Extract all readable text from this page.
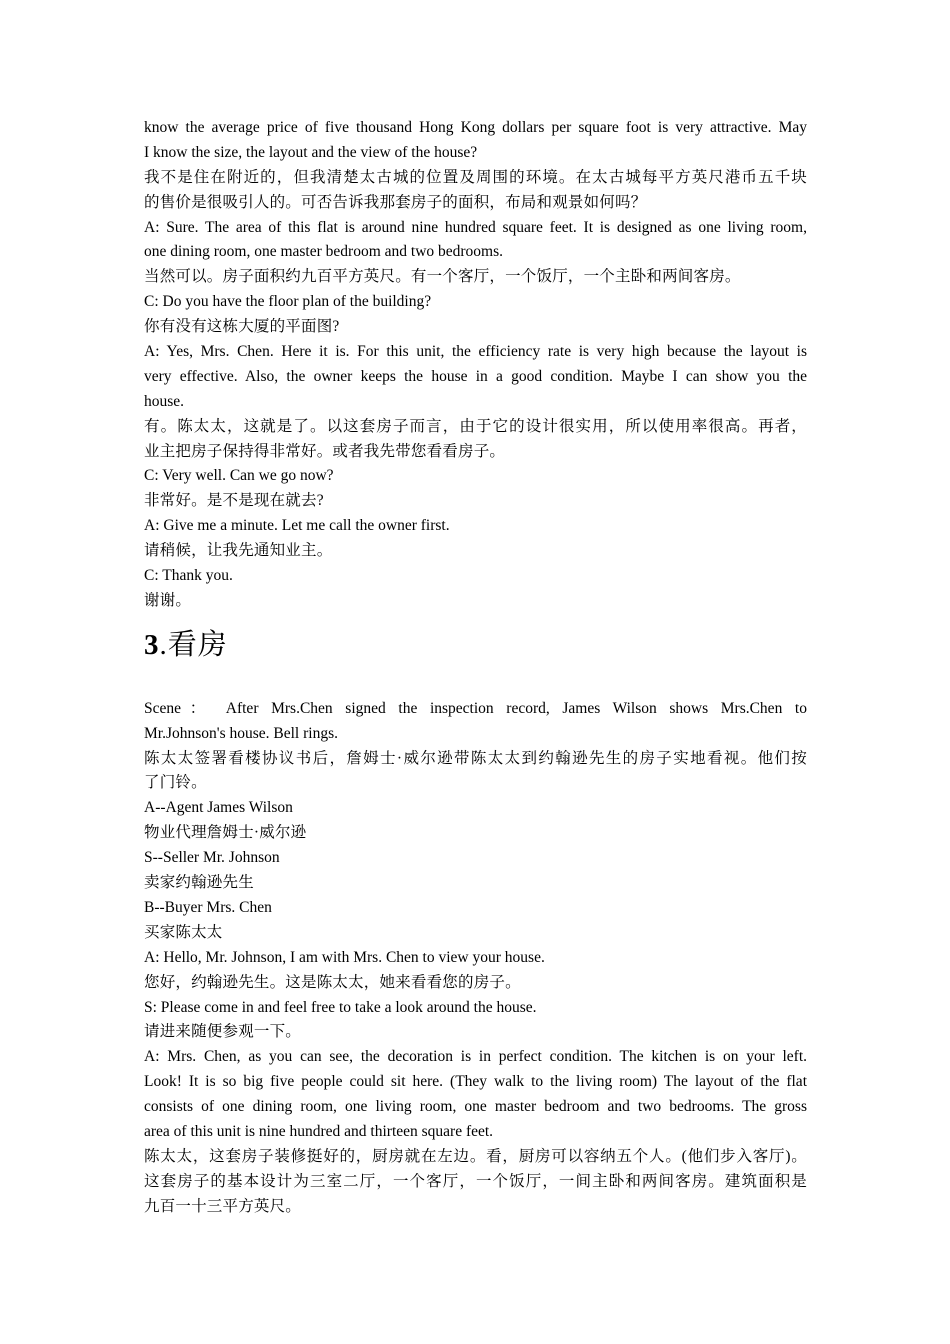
know the average price of five thousand Hong Kong dollars per square foot is very attractive. May
I know the size, the layout and the view of the house?
我不是住在附近的，但我清楚太古城的位置及周围的环境。在太古城每平方英尺港币五千块
的售价是很吸引人的。可否告诉我那套房子的面积，布局和观景如何吗？
A: Sure. The area of this flat is around nine hundred square feet. It is designed as one living room,
one dining room, one master bedroom and two bedrooms.
当然可以。房子面积约九百平方英尺。有一个客厅，一个饭厅，一个主卧和两间客房。
C: Do you have the floor plan of the building?
你有没有这栋大厦的平面图?
A: Yes, Mrs. Chen. Here it is. For this unit, the efficiency rate is very high because the layout is
very effective. Also, the owner keeps the house in a good condition. Maybe I can show you the
house.
有。陈太太，这就是了。以这套房子而言，由于它的设计很实用，所以使用率很高。再者，
业主把房子保持得非常好。或者我先带您看看房子。
C: Very well. Can we go now?
非常好。是不是现在就去?
A: Give me a minute. Let me call the owner first.
请稍候，让我先通知业主。
C: Thank you.
谢谢。
3.看房
Scene： After Mrs.Chen signed the inspection record, James Wilson shows Mrs.Chen to
Mr.Johnson's house. Bell rings.
陈太太签署看楼协议书后，詹姆士·威尔逊带陈太太到约翰逊先生的房子实地看视。他们按
了门铃。
A--Agent James Wilson
物业代理詹姆士·威尔逊
S--Seller Mr. Johnson
卖家约翰逊先生
B--Buyer Mrs. Chen
买家陈太太
A: Hello, Mr. Johnson, I am with Mrs. Chen to view your house.
您好，约翰逊先生。这是陈太太，她来看看您的房子。
S: Please come in and feel free to take a look around the house.
请进来随便参观一下。
A: Mrs. Chen, as you can see, the decoration is in perfect condition. The kitchen is on your left.
Look! It is so big five people could sit here. (They walk to the living room) The layout of the flat
consists of one dining room, one living room, one master bedroom and two bedrooms. The gross
area of this unit is nine hundred and thirteen square feet.
陈太太，这套房子装修挺好的，厨房就在左边。看，厨房可以容纳五个人。(他们步入客厅)。
这套房子的基本设计为三室二厅，一个客厅，一个饭厅，一间主卧和两间客房。建筑面积是
九百一十三平方英尺。
